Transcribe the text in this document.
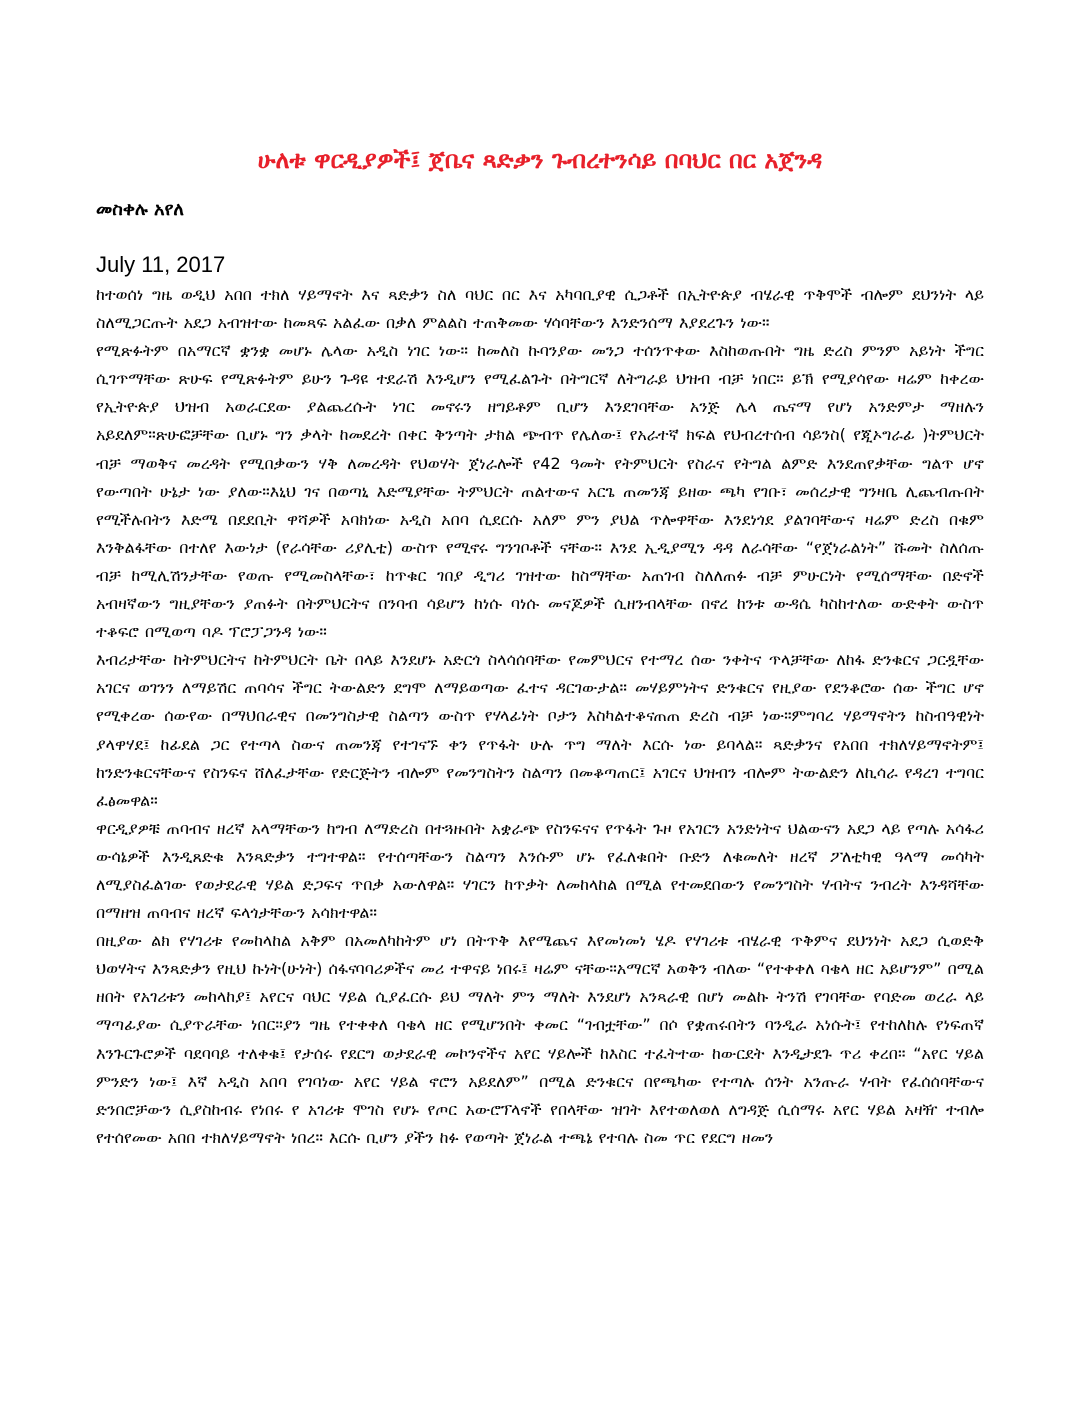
ሁለቱ ዋርዲያዎች፤ ጀቤና ጻድቃን ጉብረተንሳይ በባህር በር አጀንዳ
መስቀሉ አየለ
July 11, 2017

ከተወሰነ ግዜ ወዲህ አበበ ተክለ ሃይማኖት እና ጻድቃን ስለ ባህር በር እና አካባቢያዊ ሲጋቶች በኢትዮጵያ ብሄራዊ ጥቅሞች ብሎም ደህንነት ላይ ስለሚጋርጡት አደጋ አብዝተው ከመጻፍ አልፈው በቃለ ምልልስ ተጠቅመው ሃሳባቸውን እንድንሰማ እያደረጉን ነው።

የሚጽፉትም በአማርኛ ቋንቋ መሆኑ ሌላው አዲስ ነገር ነው። ከመለስ ኩባንያው መንጋ ተሰንጥቀው እስከወጡበት ግዜ ድረስ ምንም አይነት ችግር ሲገጥማቸው ጽሁፍ የሚጽፉትም ይሁን ጉዳዩ ተደራሽ እንዲሆን የሚፈልጉት በትግርኛ ለትግራይ ህዝብ ብቻ ነበር። ይኽ የሚያሳየው ዛሬም ከቀረው የኢትዮጵያ ህዝብ አወራርደው ያልጨረሱት ነገር መኖሩን ዘግይቶም ቢሆን እንደገባቸው አንጅ ሌላ ጤናማ የሆነ አንድምታ ማዘሉን አይደለም።ጽሁፎቻቸው ቢሆኑ ግን ቃላት ከመደረት በቀር ቅንጣት ታክል ጭብጥ የሌለው፤ የአራተኛ ክፍል የህብረተሰብ ሳይንስ( የጂኦግራፊ )ትምህርት ብቻ ማወቅና መረዳት የሚበቃውን ሃቅ ለመረዳት የህወሃት ጀነራሎች የ42 ዓመት የትምህርት የስራና የትግል ልምድ እንደጠየቃቸው ግልጥ ሆኖ የውጣበት ሁኔታ ነው ያለው።እኒህ ገና በወጣኒ እድሜያቸው ትምህርት ጠልተውና አርጌ ጠመንጃ ይዘው ጫካ የገቡ፣ መሰረታዊ ግንዛቤ ሊጨብጡበት የሚችሉበትን እድሜ በደደቢት ዋሻዎች አባክነው አዲስ አበባ ሲደርሱ አለም ምን ያህል ጥሎዋቸው እንደነጎደ ያልገባቸውና ዛሬም ድረስ በቁም እንቅልፋቸው በተለየ እውነታ (የራሳቸው ሪያሊቲ) ውስጥ የሚኖሩ ግንገቦቶች ናቸው። እንደ ኢዲያሚን ዳዳ ለራሳቸው “የጀነራልነት” ሹመት ስለሰጡ ብቻ ከሚሊሽንታቸው የወጡ የሚመስላቸው፣ ከጥቁር ገበያ ዲግሪ ገዝተው ከስማቸው አጠገብ ስለለጠፉ ብቻ ምሁርነት የሚሰማቸው በድኖች አብዛኛውን ግዚያቸውን ያጠፉት በትምህርትና በንባብ ሳይሆን ከነሱ ባነሱ መናጆዎች ሲዘንብላቸው በኖረ ከንቱ ውዳሴ ካስከተለው ውድቀት ውስጥ ተቆፍሮ በሚወጣ ባዶ ፕሮፓጋንዳ ነው።

እብሪታቸው ከትምህርትና ከትምህርት ቤት በላይ እንደሆኑ አድርጎ ስላሳሰባቸው የመምህርና የተማረ ሰው ንቀትና ጥላቻቸው ለከፋ ድንቁርና ጋርዷቸው አገርና ወገንን ለማይሽር ጠባሳና ችግር ትውልድን ደግሞ ለማይወጣው ፈተና ዳርገውታል። መሃይምነትና ድንቁርና የዚያው የደንቆሮው ሰው ችግር ሆኖ የሚቀረው ሰውየው በማህበራዊና በመንግስታዊ ስልጣን ውስጥ የሃላፊነት ቦታን እስካልተቆናጠጠ ድረስ ብቻ ነው።ምግባረ ሃይማኖትን ከስብዓዊነት ያላዋሃደ፤ ከፊደል ጋር የተጣላ ስውና ጠመንጃ የተገናኙ ቀን የጥፋት ሁሉ ጥግ ማለት እርሱ ነው ይባላል። ጻድቃንና የአበበ ተክለሃይማኖትም፤ ከንድንቁርናቸውና የስንፍና ሸለፈታቸው የድርጅትን ብሎም የመንግስትን ስልጣን በመቆጣጠር፤ አገርና ህዝብን ብሎም ትውልድን ለኪሳራ የዳረገ ተግባር ፈፅመዋል።

ዋርዲያዎቹ ጠባብና ዘረኛ አላማቸውን ከግብ ለማድረስ በተጓዙበት አቋራጭ የስንፍናና የጥፋት ጉዞ የአገርን አንድነትና ህልውናን አደጋ ላይ የጣሉ አሳፋሪ ውሳኔዎች እንዲጸድቁ እንጻድቃን ተግተዋል። የተሰጣቸውን ስልጣን እንሱም ሆኑ የፈለቁበት ቡድን ለቁመለት ዘረኛ ፖለቲካዊ ዓላማ መሳካት ለሚያስፈልገው የወታደራዊ ሃይል ድጋፍና ጥበቃ አውለዋል። ሃገርን ከጥቃት ለመከላከል በሚል የተመደበውን የመንግስት ሃብትና ንብረት እንዳሻቸው በማዘዝ ጠባብና ዘረኛ ፍላጎታቸውን አሳክተዋል።

በዚያው ልክ የሃገሪቱ የመከላከል አቅም በአመለካከትም ሆነ በትጥቅ እየሜጨና እየመነመነ ሄዶ የሃገሪቱ ብሄራዊ ጥቅምና ደህንነት አደጋ ሲወድቅ ህወሃትና እንጻድቃን የዚህ ኩነት(ሁነት) ሰፋናባባሪዎችና መሪ ተዋናይ ነበሩ፤ ዛሬም ናቸው።አማርኛ አወቅን ብለው “የተቀቀለ ባቄላ ዘር አይሆንም” በሚል ዘበት የአገሪቱን መከላከያ፤ አየርና ባህር ሃይል ሲያፈርሱ ይህ ማለት ምን ማለት እንደሆነ አንጻራዊ በሆነ መልኩ ትንሽ የገባቸው የባድመ ወረራ ላይ ማጣፊያው ሲያጥራቸው ነበር።ያን ግዜ የተቀቀለ ባቄላ ዘር የሚሆንበት ቀመር “ገብቷቸው” በሶ የቋጠሩበትን ባንዲራ አነሱት፤ የተከለከሉ የነፍጠኛ እንጉርጉሮዎች ባደባባይ ተለቀቁ፤ የታሰሩ የደርግ ወታደራዊ መኮንኖችና አየር ሃይሎች ከእስር ተፈትተው ከውርደት እንዲታደጉ ጥሪ ቀረበ። “አየር ሃይል ምንድን ነው፤ እኛ አዲስ አበባ የገባነው አየር ሃይል ኖሮን አይደለም” በሚል ድንቁርና በየጫካው የተጣሉ ሰንት አንጡራ ሃብት የፈሰሰባቸውና ድንበሮቻውን ሲያስከብሩ የነበሩ የ አገሪቱ ሞገስ የሆኑ የጦር አውሮፕላኖች የበላቸው ዝገት እየተወለወለ ለግዳጅ ሲሰማሩ አየር ሃይል አዛዥ ተብሎ የተሰየመው አበበ ተክለሃይማኖት ነበረ። እርሱ ቢሆን ያችን ከፉ የወጣት ጀነራል ተጫኔ የተባሉ ስመ ጥር የደርግ ዘመን
